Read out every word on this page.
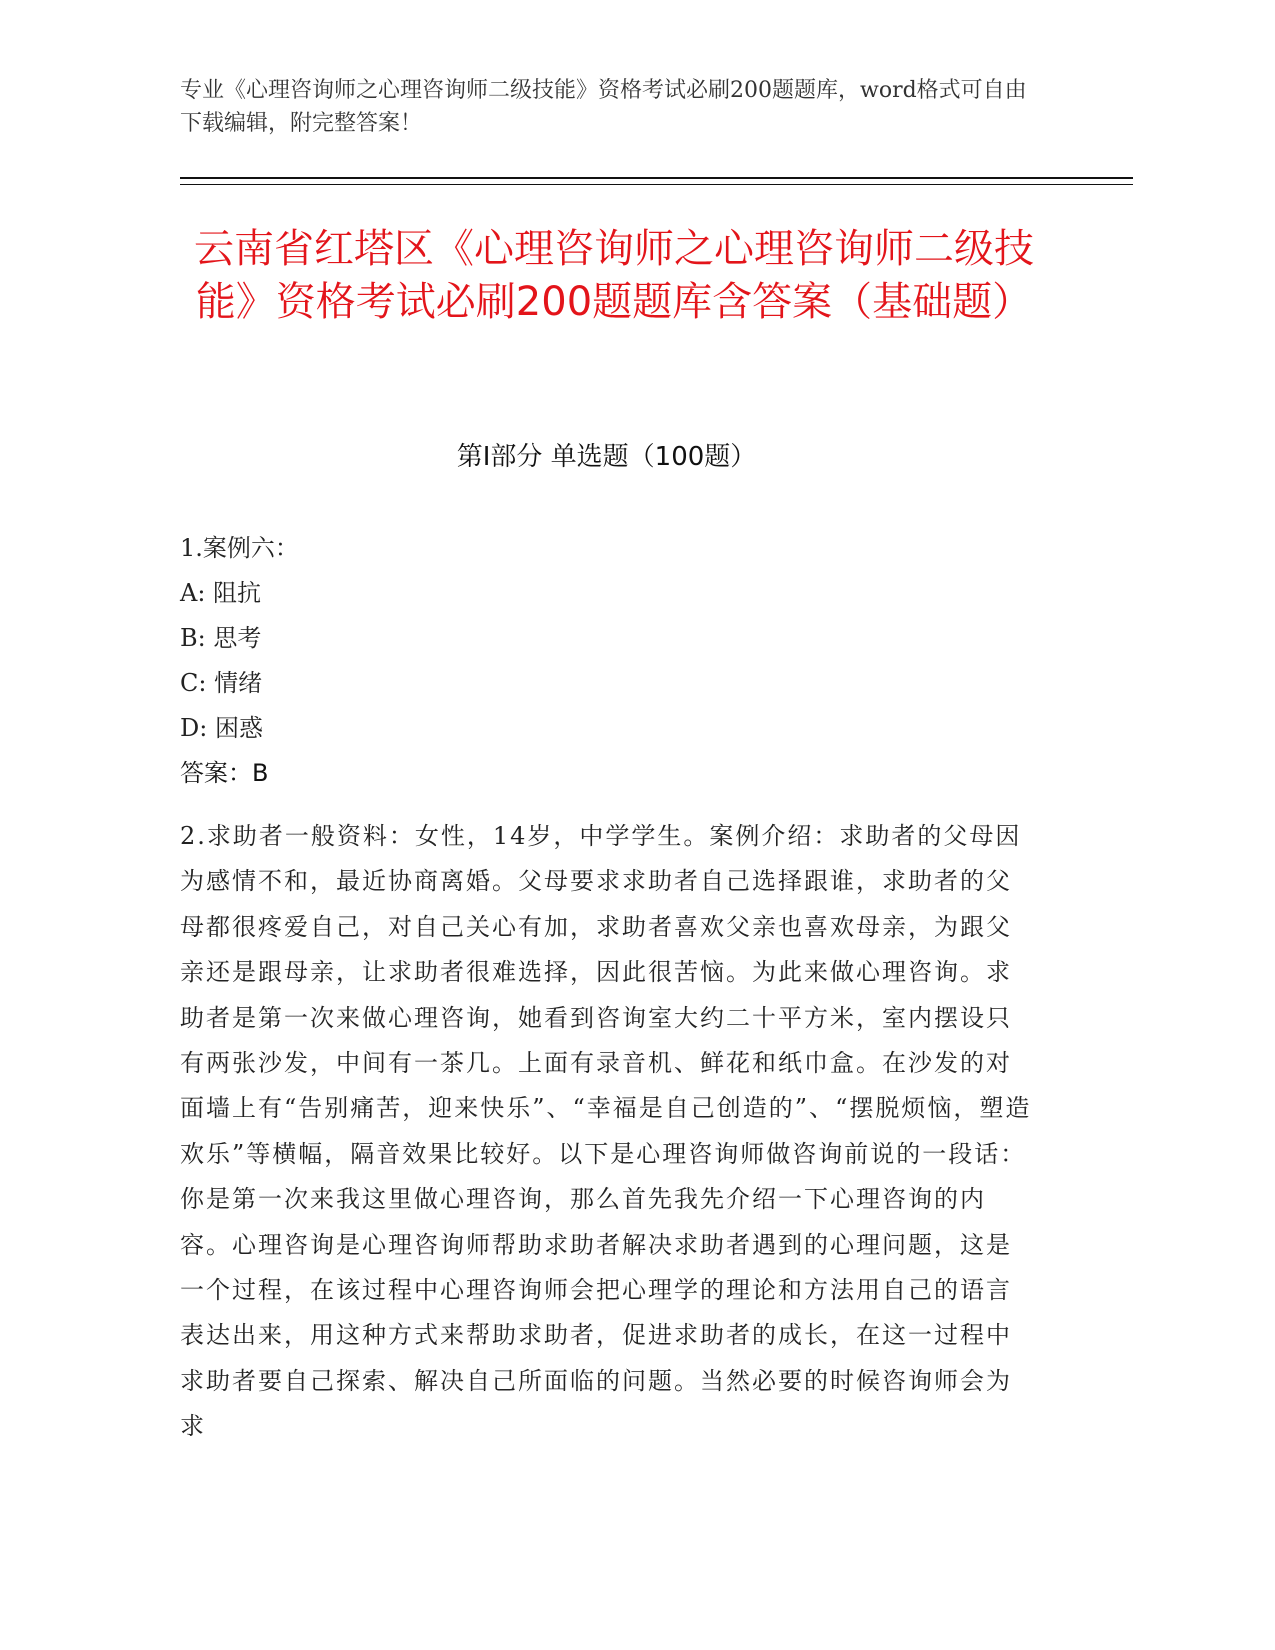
专业《心理咨询师之心理咨询师二级技能》资格考试必刷200题题库，word格式可自由下载编辑，附完整答案！
云南省红塔区《心理咨询师之心理咨询师二级技能》资格考试必刷200题题库含答案（基础题）
第Ⅰ部分 单选题（100题）
1.案例六：
A: 阻抗
B: 思考
C: 情绪
D: 困惑
答案：B
2.求助者一般资料：女性，14岁，中学学生。案例介绍：求助者的父母因为感情不和，最近协商离婚。父母要求求助者自己选择跟谁，求助者的父母都很疼爱自己，对自己关心有加，求助者喜欢父亲也喜欢母亲，为跟父亲还是跟母亲，让求助者很难选择，因此很苦恼。为此来做心理咨询。求助者是第一次来做心理咨询，她看到咨询室大约二十平方米，室内摆设只有两张沙发，中间有一茶几。上面有录音机、鲜花和纸巾盒。在沙发的对面墙上有“告别痛苦，迎来快乐”、“幸福是自己创造的”、“摆脱烦恼，塑造欢乐”等横幅，隔音效果比较好。以下是心理咨询师做咨询前说的一段话：你是第一次来我这里做心理咨询，那么首先我先介绍一下心理咨询的内容。心理咨询是心理咨询师帮助求助者解决求助者遇到的心理问题，这是一个过程，在该过程中心理咨询师会把心理学的理论和方法用自己的语言表达出来，用这种方式来帮助求助者，促进求助者的成长，在这一过程中求助者要自己探索、解决自己所面临的问题。当然必要的时候咨询师会为求
